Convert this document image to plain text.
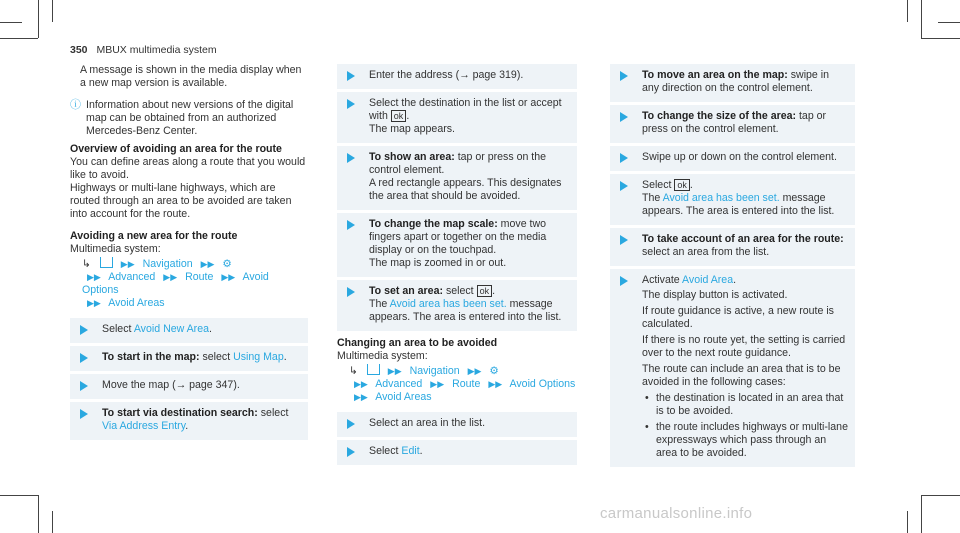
350 MBUX multimedia system
A message is shown in the media display when a new map version is available.
ⓘ Information about new versions of the digital map can be obtained from an authorized Mercedes-Benz Center.
Overview of avoiding an area for the route
You can define areas along a route that you would like to avoid.
Highways or multi-lane highways, which are routed through an area to be avoided are taken into account for the route.
Avoiding a new area for the route
Multimedia system:
↳	▶▶ Navigation ▶▶ ⚙
▶▶ Advanced ▶▶ Route ▶▶ Avoid Options
▶▶ Avoid Areas
Select Avoid New Area.
To start in the map: select Using Map.
Move the map (→ page 347).
To start via destination search: select Via Address Entry.
Enter the address (→ page 319).
Select the destination in the list or accept with ok .
The map appears.
To show an area: tap or press on the control element.
A red rectangle appears. This designates the area that should be avoided.
To change the map scale: move two fingers apart or together on the media display or on the touchpad.
The map is zoomed in or out.
To set an area: select ok .
The Avoid area has been set. message appears. The area is entered into the list.
Changing an area to be avoided
Multimedia system:
↳	▶▶ Navigation ▶▶ ⚙
▶▶ Advanced ▶▶ Route ▶▶ Avoid Options
▶▶ Avoid Areas
Select an area in the list.
Select Edit.
To move an area on the map: swipe in any direction on the control element.
To change the size of the area: tap or press on the control element.
Swipe up or down on the control element.
Select ok .
The Avoid area has been set. message appears. The area is entered into the list.
To take account of an area for the route: select an area from the list.
Activate Avoid Area.
The display button is activated.
If route guidance is active, a new route is calculated.
If there is no route yet, the setting is carried over to the next route guidance.
The route can include an area that is to be avoided in the following cases:
• the destination is located in an area that is to be avoided.
• the route includes highways or multi-lane expressways which pass through an area to be avoided.
carmanualsonline.info
